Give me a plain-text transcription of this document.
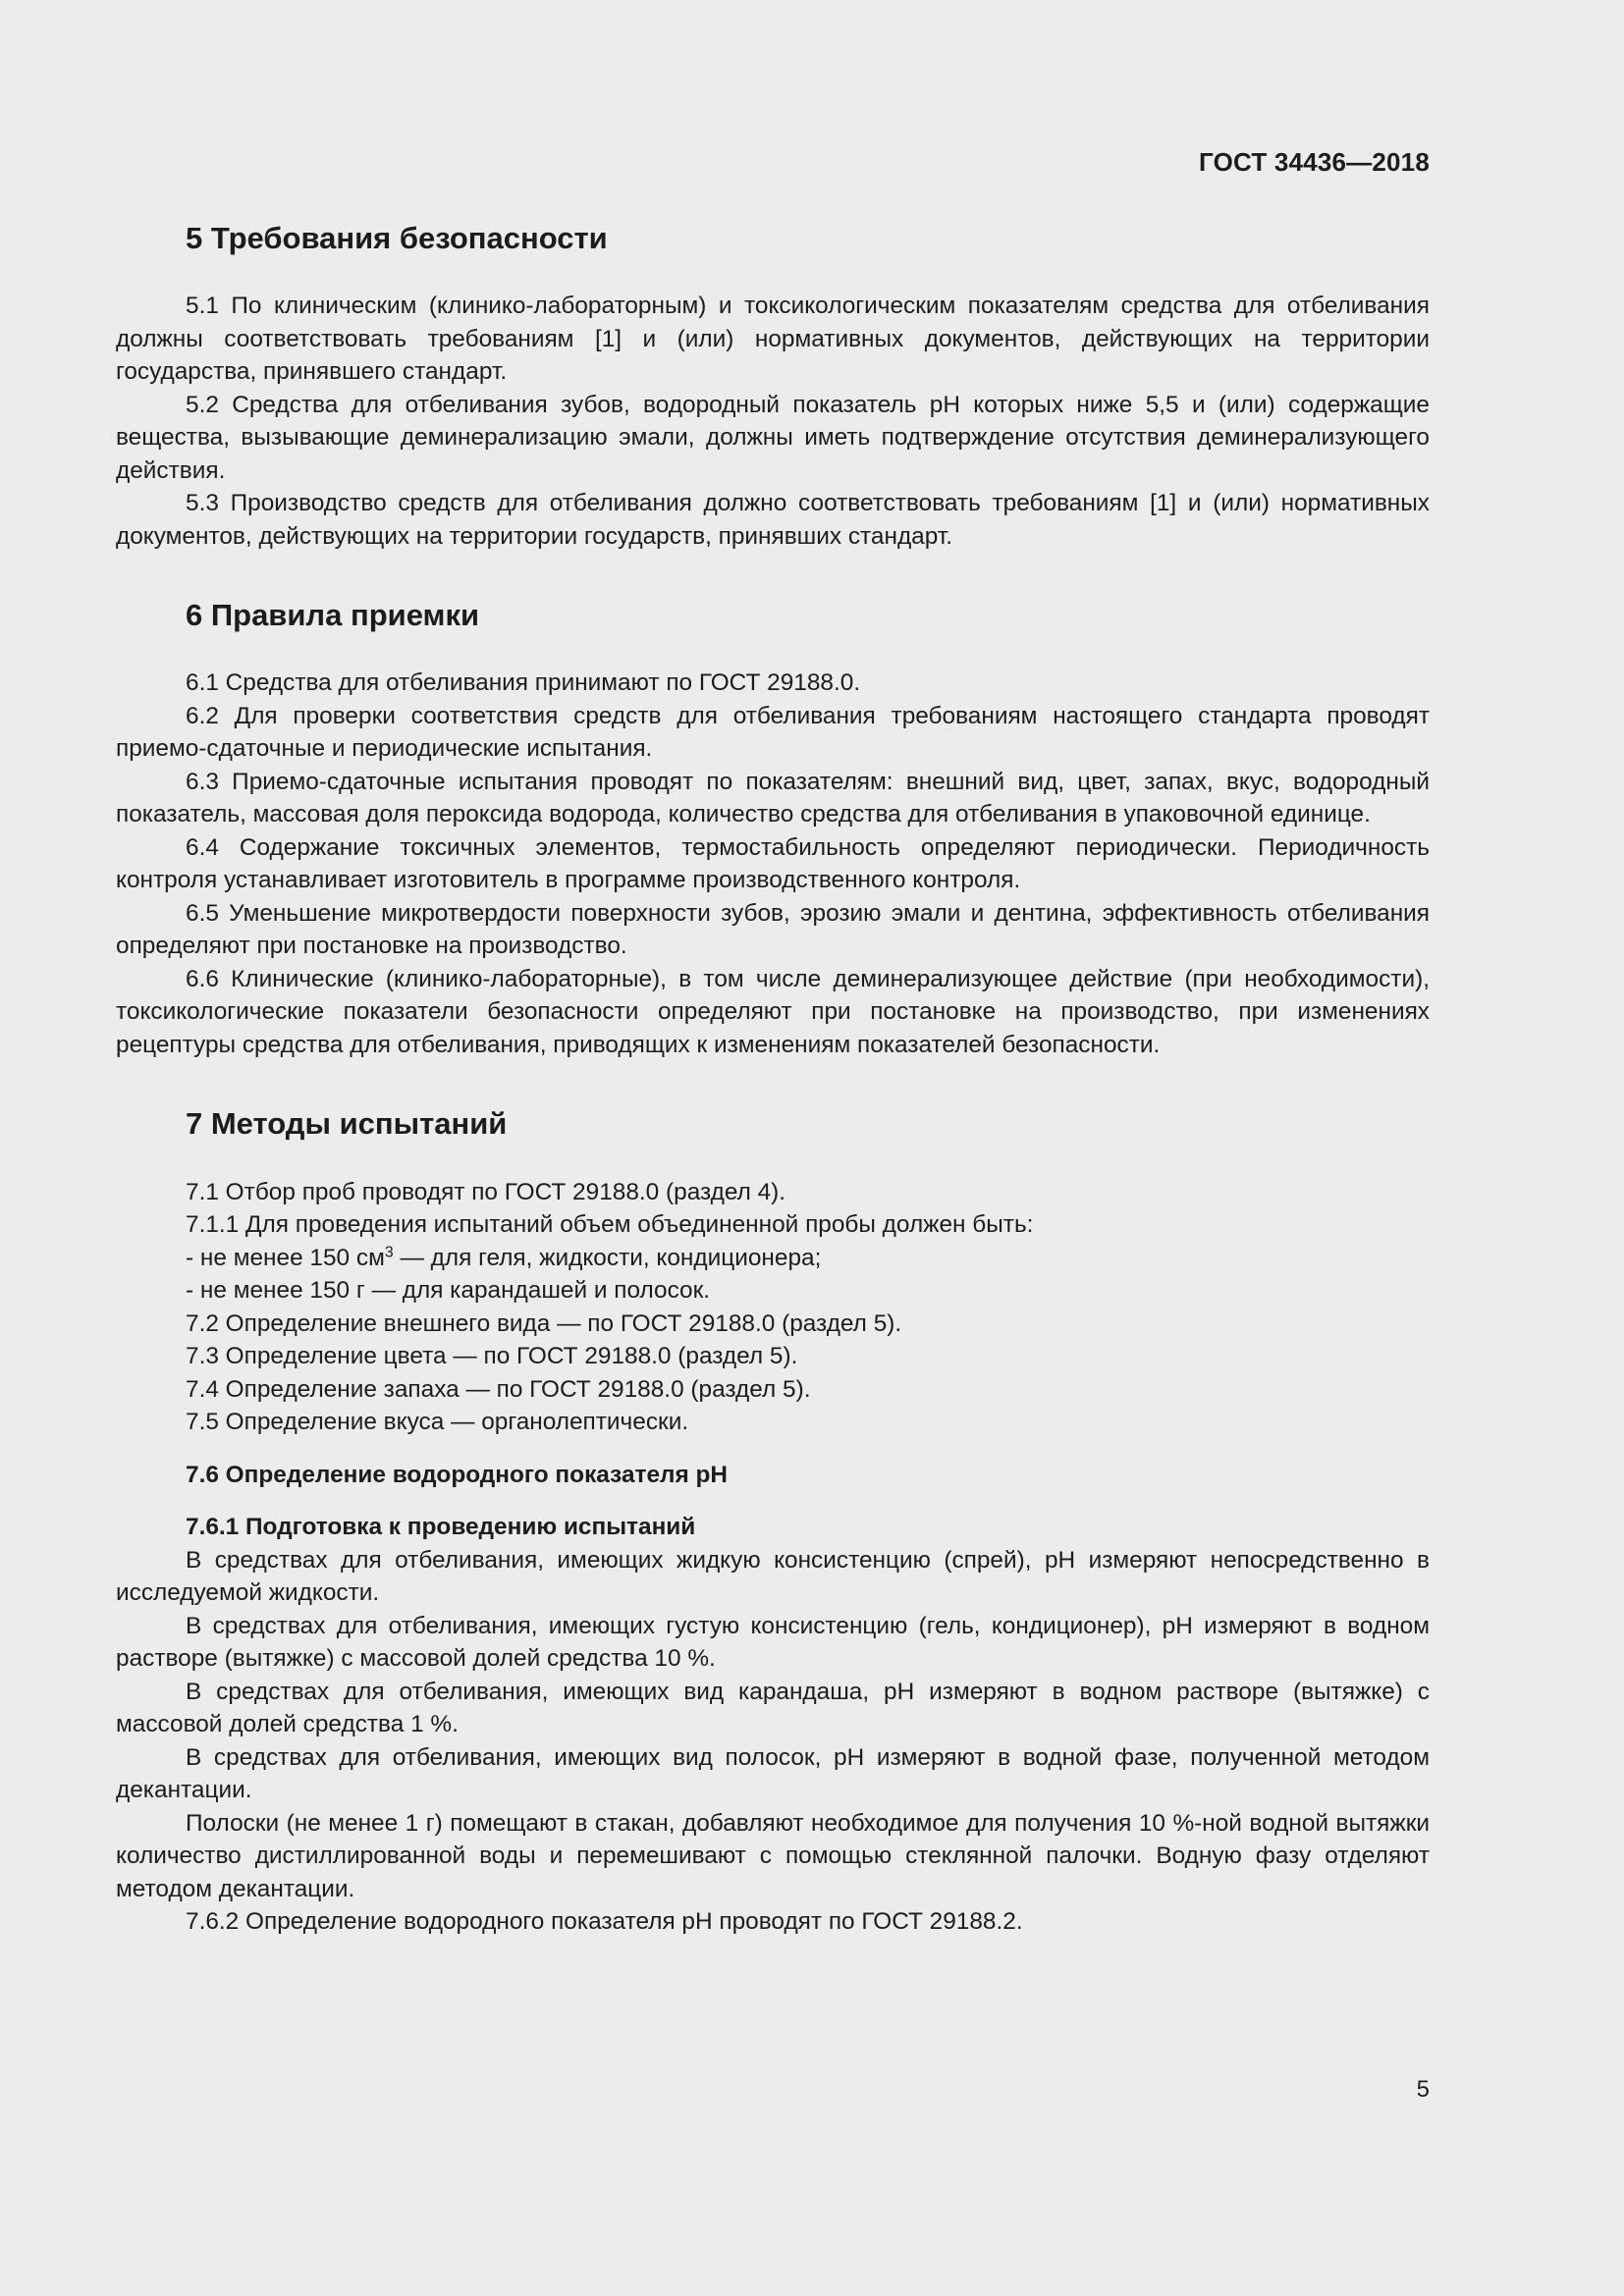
ГОСТ 34436—2018
5 Требования безопасности

5.1 По клиническим (клинико-лабораторным) и токсикологическим показателям средства для отбеливания должны соответствовать требованиям [1] и (или) нормативных документов, действующих на территории государства, принявшего стандарт.

5.2 Средства для отбеливания зубов, водородный показатель pH которых ниже 5,5 и (или) содержащие вещества, вызывающие деминерализацию эмали, должны иметь подтверждение отсутствия деминерализующего действия.

5.3 Производство средств для отбеливания должно соответствовать требованиям [1] и (или) нормативных документов, действующих на территории государств, принявших стандарт.

6 Правила приемки

6.1 Средства для отбеливания принимают по ГОСТ 29188.0.

6.2 Для проверки соответствия средств для отбеливания требованиям настоящего стандарта проводят приемо-сдаточные и периодические испытания.

6.3 Приемо-сдаточные испытания проводят по показателям: внешний вид, цвет, запах, вкус, водородный показатель, массовая доля пероксида водорода, количество средства для отбеливания в упаковочной единице.

6.4 Содержание токсичных элементов, термостабильность определяют периодически. Периодичность контроля устанавливает изготовитель в программе производственного контроля.

6.5 Уменьшение микротвердости поверхности зубов, эрозию эмали и дентина, эффективность отбеливания определяют при постановке на производство.

6.6 Клинические (клинико-лабораторные), в том числе деминерализующее действие (при необходимости), токсикологические показатели безопасности определяют при постановке на производство, при изменениях рецептуры средства для отбеливания, приводящих к изменениям показателей безопасности.

7 Методы испытаний

7.1 Отбор проб проводят по ГОСТ 29188.0 (раздел 4).

7.1.1 Для проведения испытаний объем объединенной пробы должен быть:

- не менее 150 $см^3$ — для геля, жидкости, кондиционера;

- не менее 150 г — для карандашей и полосок.

7.2 Определение внешнего вида — по ГОСТ 29188.0 (раздел 5).

7.3 Определение цвета — по ГОСТ 29188.0 (раздел 5).

7.4 Определение запаха — по ГОСТ 29188.0 (раздел 5).

7.5 Определение вкуса — органолептически.

7.6 Определение водородного показателя pH

7.6.1 Подготовка к проведению испытаний

В средствах для отбеливания, имеющих жидкую консистенцию (спрей), pH измеряют непосредственно в исследуемой жидкости.

В средствах для отбеливания, имеющих густую консистенцию (гель, кондиционер), pH измеряют в водном растворе (вытяжке) с массовой долей средства 10 %.

В средствах для отбеливания, имеющих вид карандаша, pH измеряют в водном растворе (вытяжке) с массовой долей средства 1 %.

В средствах для отбеливания, имеющих вид полосок, pH измеряют в водной фазе, полученной методом декантации.

Полоски (не менее 1 г) помещают в стакан, добавляют необходимое для получения 10 %-ной водной вытяжки количество дистиллированной воды и перемешивают с помощью стеклянной палочки. Водную фазу отделяют методом декантации.

7.6.2 Определение водородного показателя pH проводят по ГОСТ 29188.2.

5
